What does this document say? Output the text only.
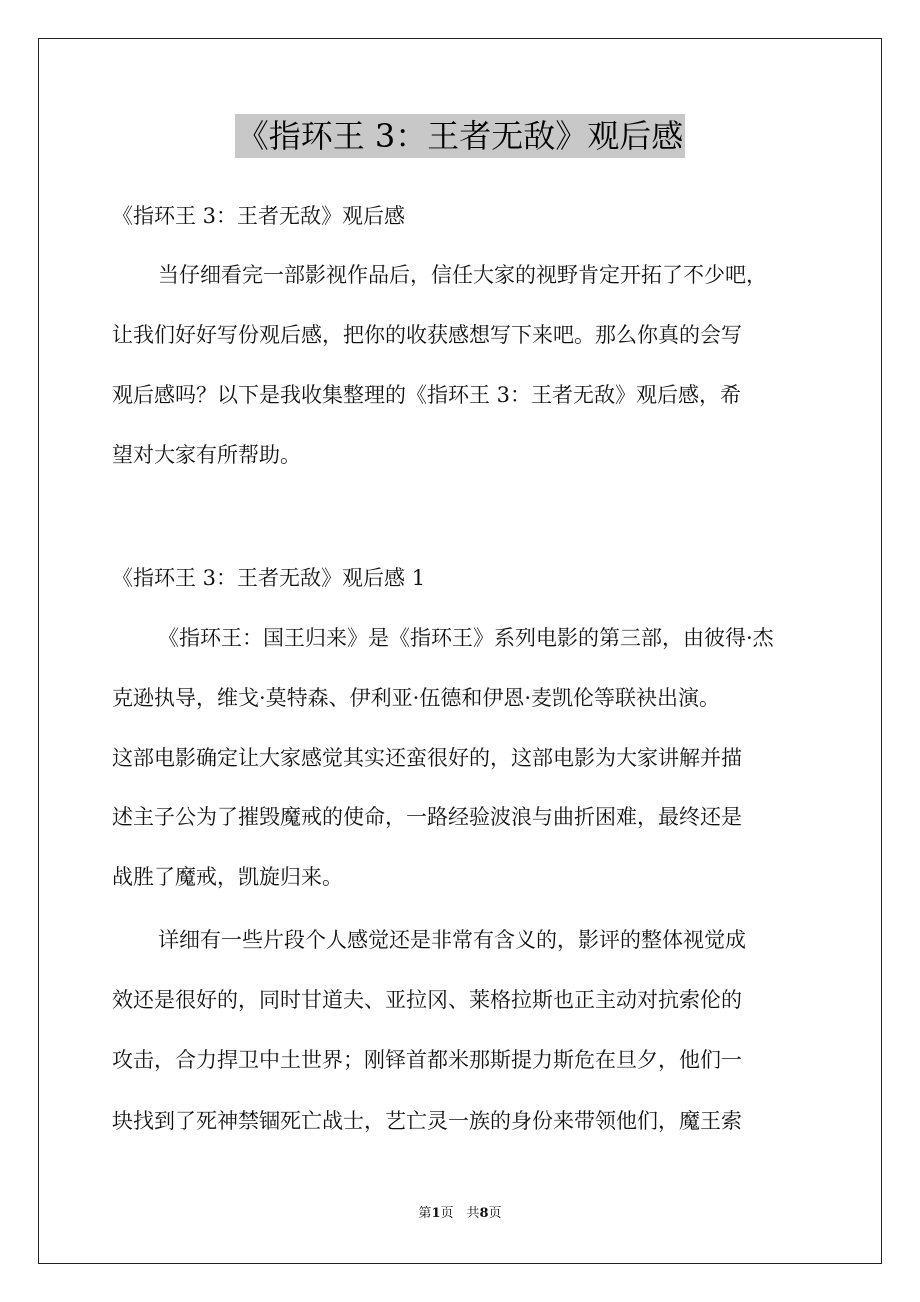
《指环王 3：王者无敌》观后感
《指环王 3：王者无敌》观后感
当仔细看完一部影视作品后，信任大家的视野肯定开拓了不少吧，
让我们好好写份观后感，把你的收获感想写下来吧。那么你真的会写
观后感吗？以下是我收集整理的《指环王 3：王者无敌》观后感，希
望对大家有所帮助。
《指环王 3：王者无敌》观后感 1
《指环王：国王归来》是《指环王》系列电影的第三部，由彼得·杰
克逊执导，维戈·莫特森、伊利亚·伍德和伊恩·麦凯伦等联袂出演。
这部电影确定让大家感觉其实还蛮很好的，这部电影为大家讲解并描
述主子公为了摧毁魔戒的使命，一路经验波浪与曲折困难，最终还是
战胜了魔戒，凯旋归来。
详细有一些片段个人感觉还是非常有含义的，影评的整体视觉成
效还是很好的，同时甘道夫、亚拉冈、莱格拉斯也正主动对抗索伦的
攻击，合力捍卫中土世界；刚铎首都米那斯提力斯危在旦夕，他们一
块找到了死神禁锢死亡战士，艺亡灵一族的身份来带领他们，魔王索
第1页　共8页
